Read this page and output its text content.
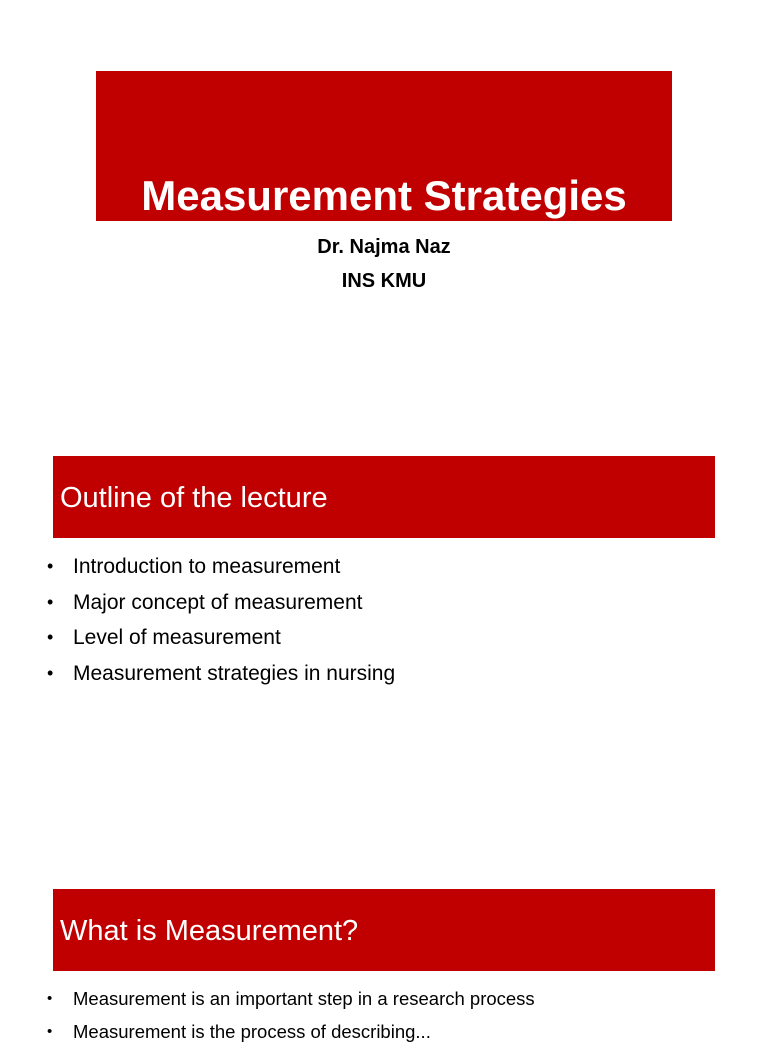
Measurement Strategies
Dr. Najma Naz
INS KMU
Outline of the lecture
• Introduction to measurement
• Major concept of measurement
• Level of measurement
• Measurement strategies in nursing
What is Measurement?
• Measurement is an important step in a research process
• Measurement is the process of describing...
